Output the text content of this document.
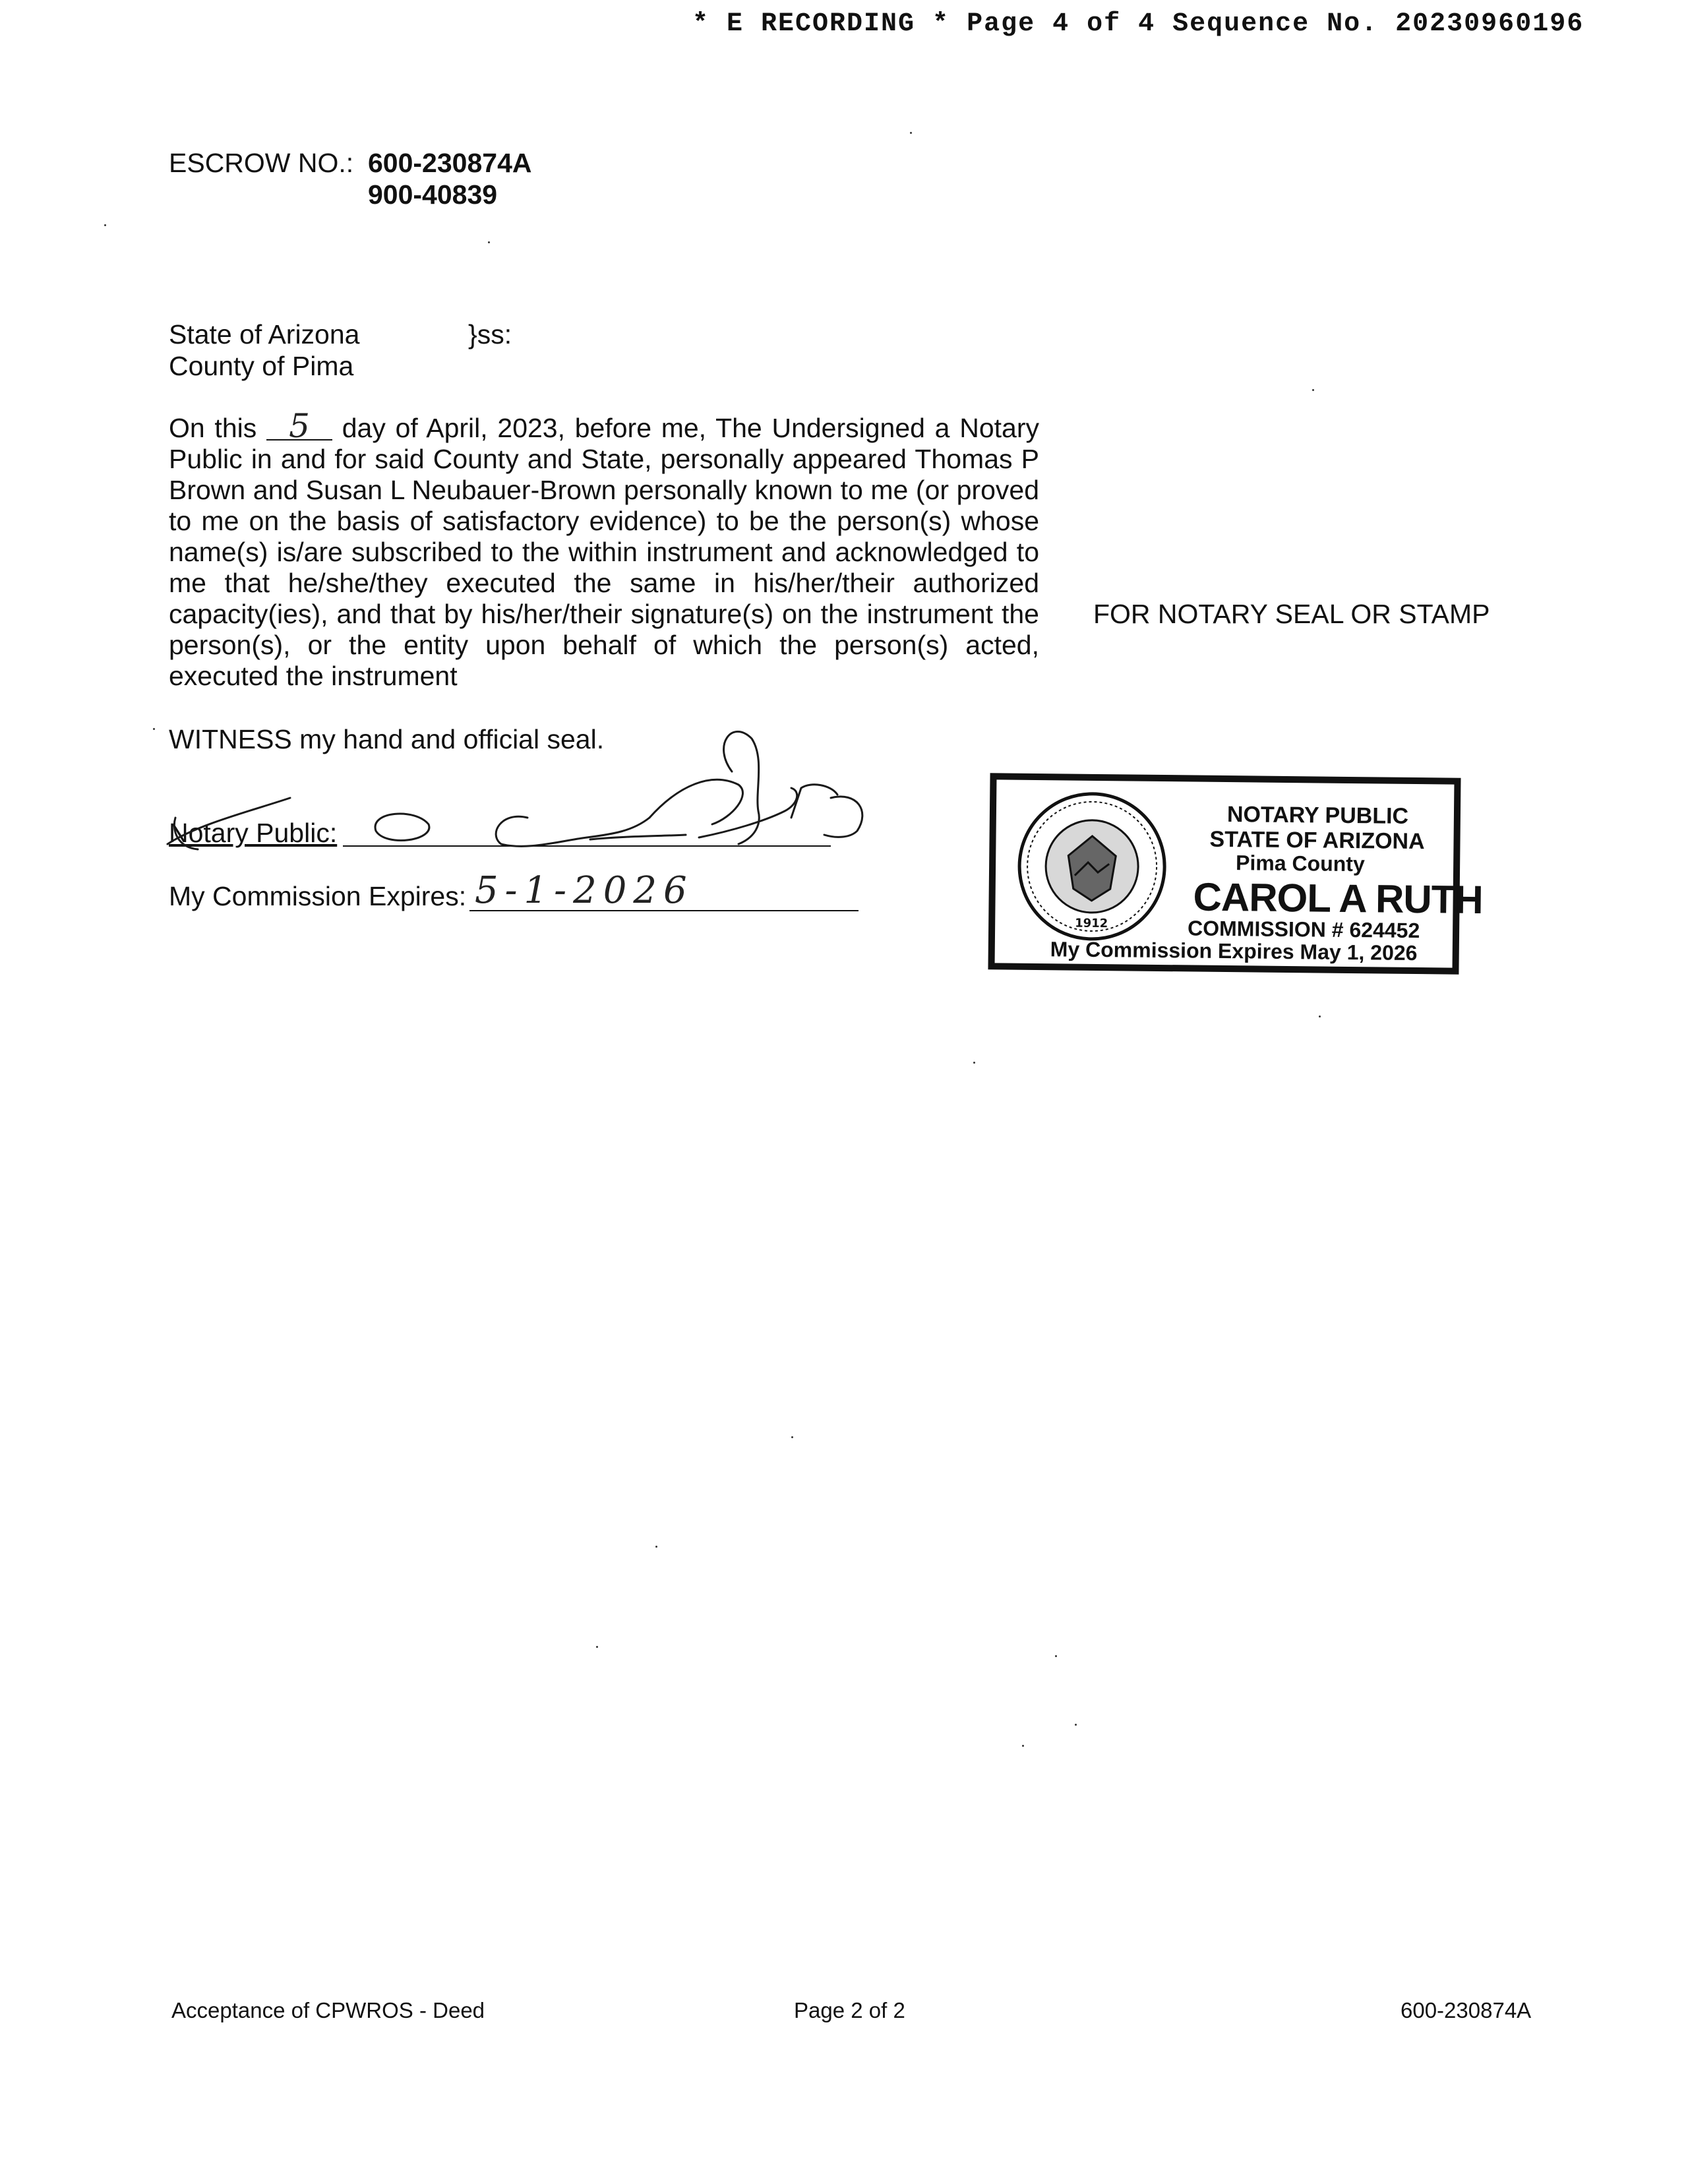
* E RECORDING * Page 4 of 4 Sequence No. 20230960196
ESCROW NO.: 600-230874A
900-40839
State of Arizona	}ss:
County of Pima
On this 5 day of April, 2023, before me, The Undersigned a Notary Public in and for said County and State, personally appeared Thomas P Brown and Susan L Neubauer-Brown personally known to me (or proved to me on the basis of satisfactory evidence) to be the person(s) whose name(s) is/are subscribed to the within instrument and acknowledged to me that he/she/they executed the same in his/her/their authorized capacity(ies), and that by his/her/their signature(s) on the instrument the person(s), or the entity upon behalf of which the person(s) acted, executed the instrument
FOR NOTARY SEAL OR STAMP
WITNESS my hand and official seal.
Notary Public:
My Commission Expires: 5-1-2026
1912
NOTARY PUBLIC
STATE OF ARIZONA
Pima County
CAROL A RUTH
COMMISSION # 624452
My Commission Expires May 1, 2026
Acceptance of CPWROS - Deed	Page 2 of 2	600-230874A
